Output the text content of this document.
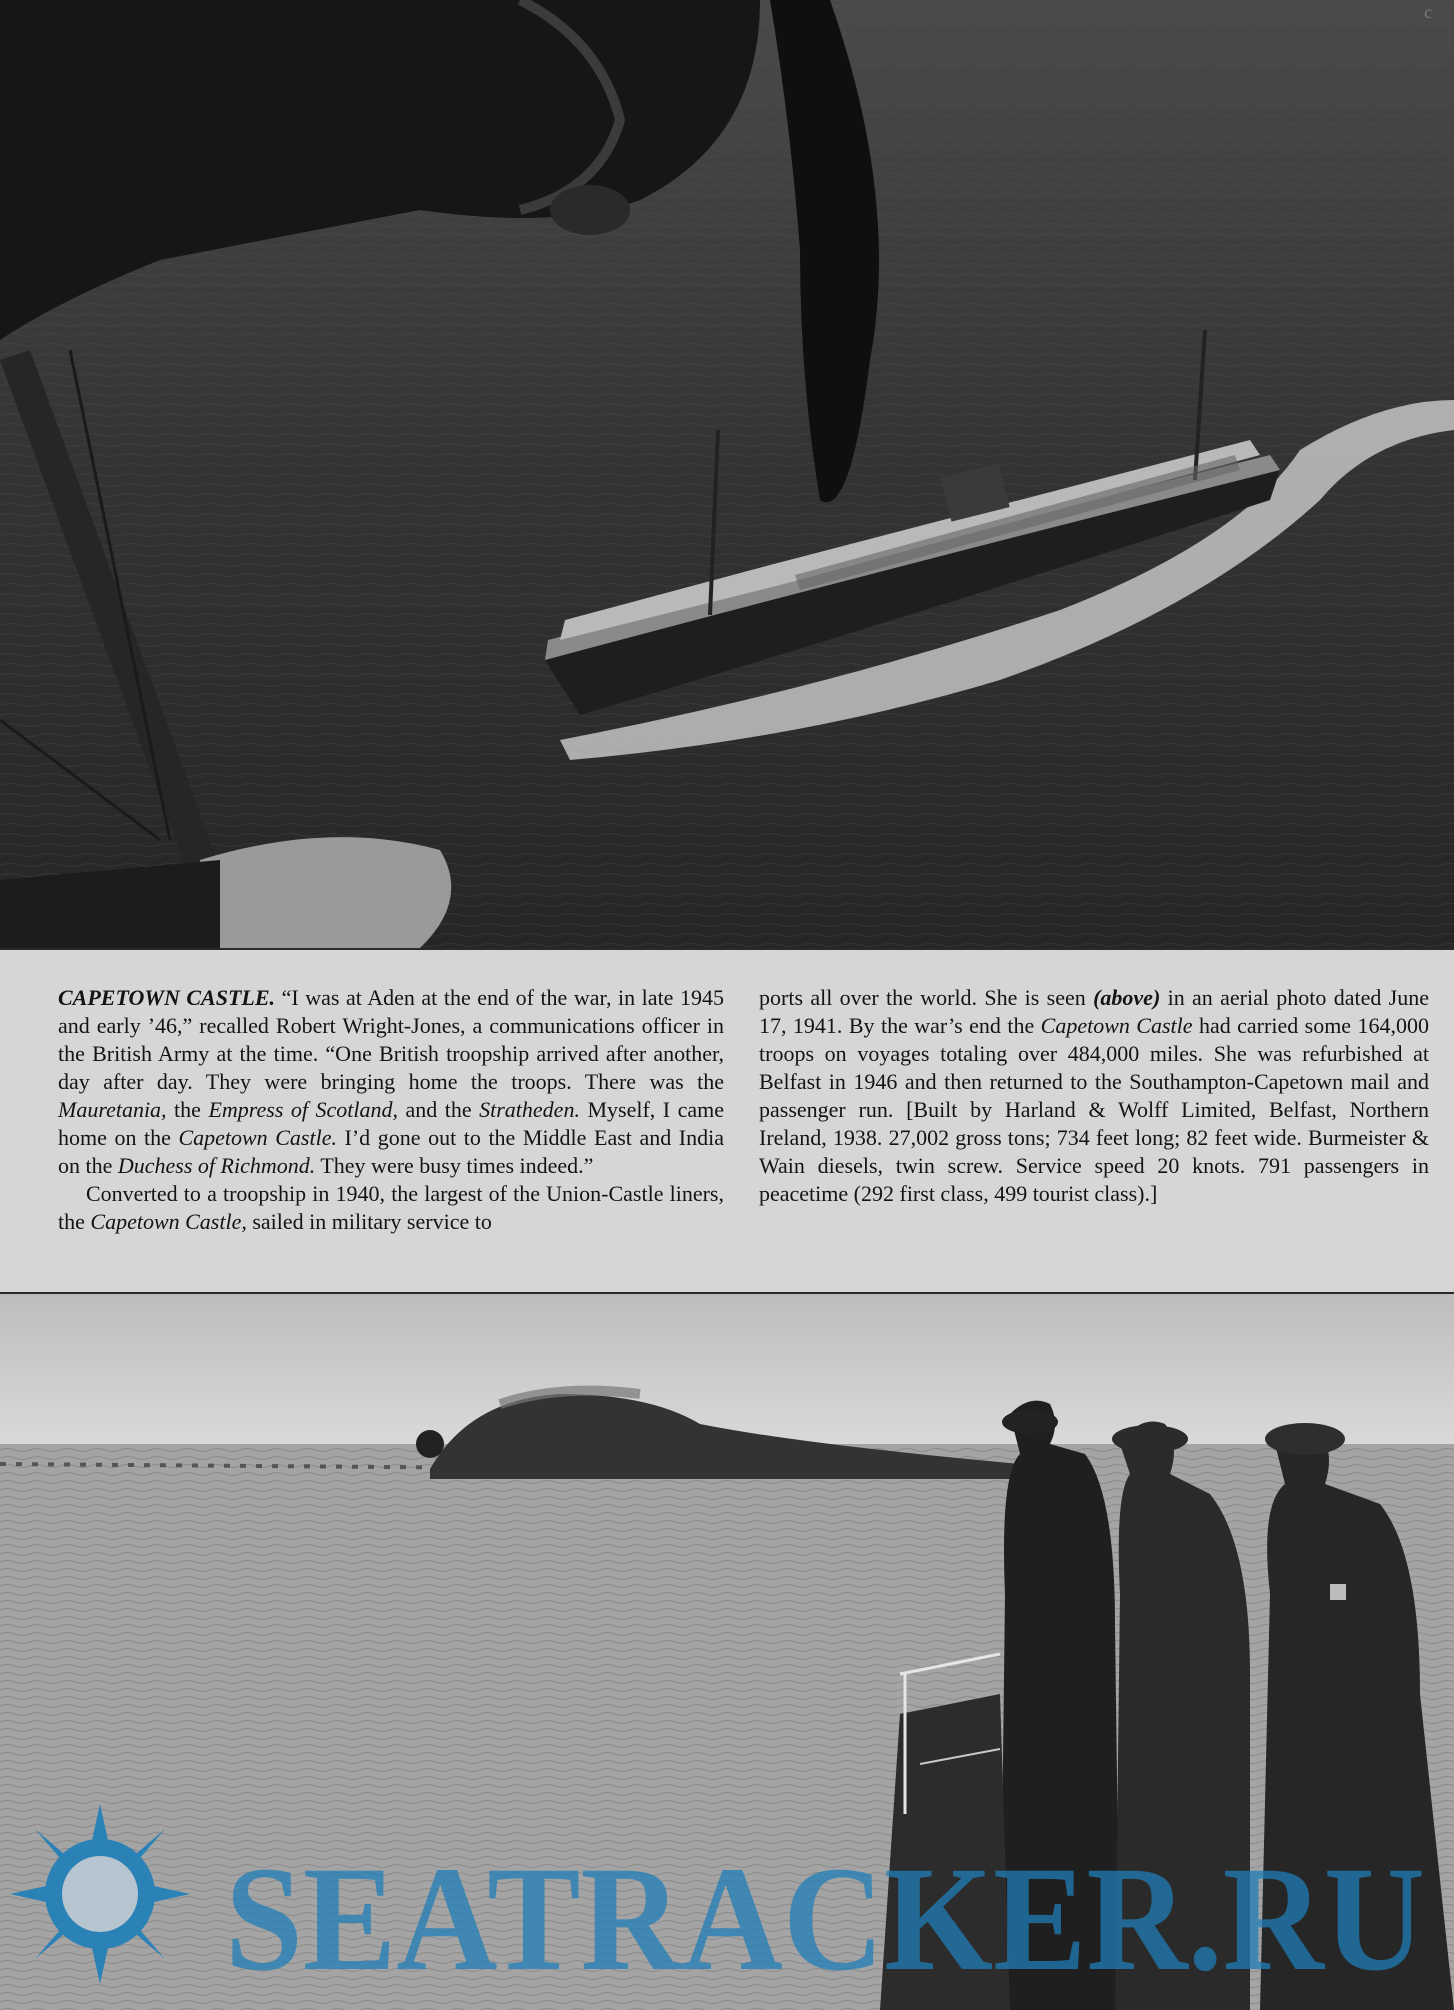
c

CAPETOWN CASTLE. “I was at Aden at the end of the war, in late 1945 and early ’46,” recalled Robert Wright-Jones, a communications officer in the British Army at the time. “One British troopship arrived after another, day after day. They were bringing home the troops. There was the Mauretania, the Empress of Scotland, and the Stratheden. Myself, I came home on the Capetown Castle. I’d gone out to the Middle East and India on the Duchess of Richmond. They were busy times indeed.”

Converted to a troopship in 1940, the largest of the Union-Castle liners, the Capetown Castle, sailed in military service to

ports all over the world. She is seen (above) in an aerial photo dated June 17, 1941. By the war’s end the Capetown Castle had carried some 164,000 troops on voyages totaling over 484,000 miles. She was refurbished at Belfast in 1946 and then returned to the Southampton-Capetown mail and passenger run. [Built by Harland & Wolff Limited, Belfast, Northern Ireland, 1938. 27,002 gross tons; 734 feet long; 82 feet wide. Burmeister & Wain diesels, twin screw. Service speed 20 knots. 791 passengers in peacetime (292 first class, 499 tourist class).]

SEATRACKER.RU
